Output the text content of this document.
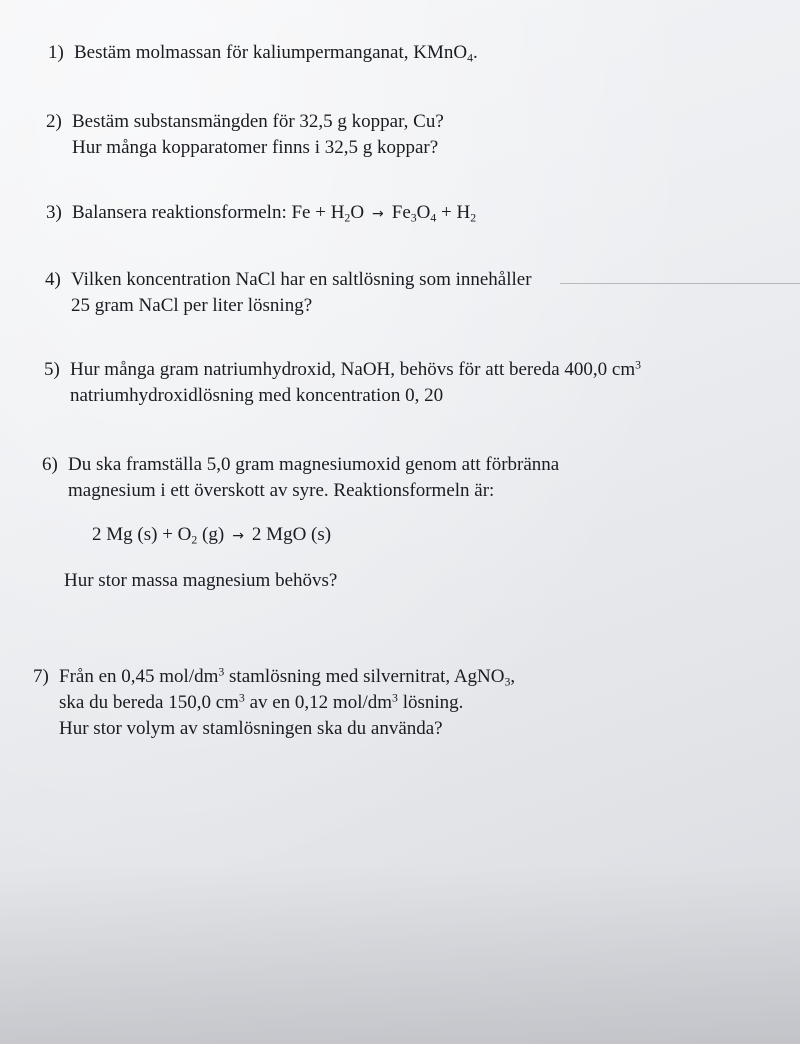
1) Bestäm molmassan för kaliumpermanganat, KMnO$_4$.
2) Bestäm substansmängden för 32,5 g koppar, Cu?
Hur många kopparatomer finns i 32,5 g koppar?
3) Balansera reaktionsformeln: $Fe + H_2O \to Fe_3O_4 + H_2$
4) Vilken koncentration NaCl har en saltlösning som innehåller
25 gram NaCl per liter lösning?
5) Hur många gram natriumhydroxid, NaOH, behövs för att bereda 400,0 $cm^3$
natriumhydroxidlösning med koncentration 0, 20
6) Du ska framställa 5,0 gram magnesiumoxid genom att förbränna
magnesium i ett överskott av syre. Reaktionsformeln är:
2 Mg $(s) + O_2$ (g) → 2 MgO (s)
Hur stor massa magnesium behövs?
7) Från en 0,45 mol/$dm^3$ stamlösning med silvernitrat, AgNO$_3$,
ska du bereda 150,0 $cm^3$ av en 0,12 mol/$dm^3$ lösning.
Hur stor volym av stamlösningen ska du använda?
